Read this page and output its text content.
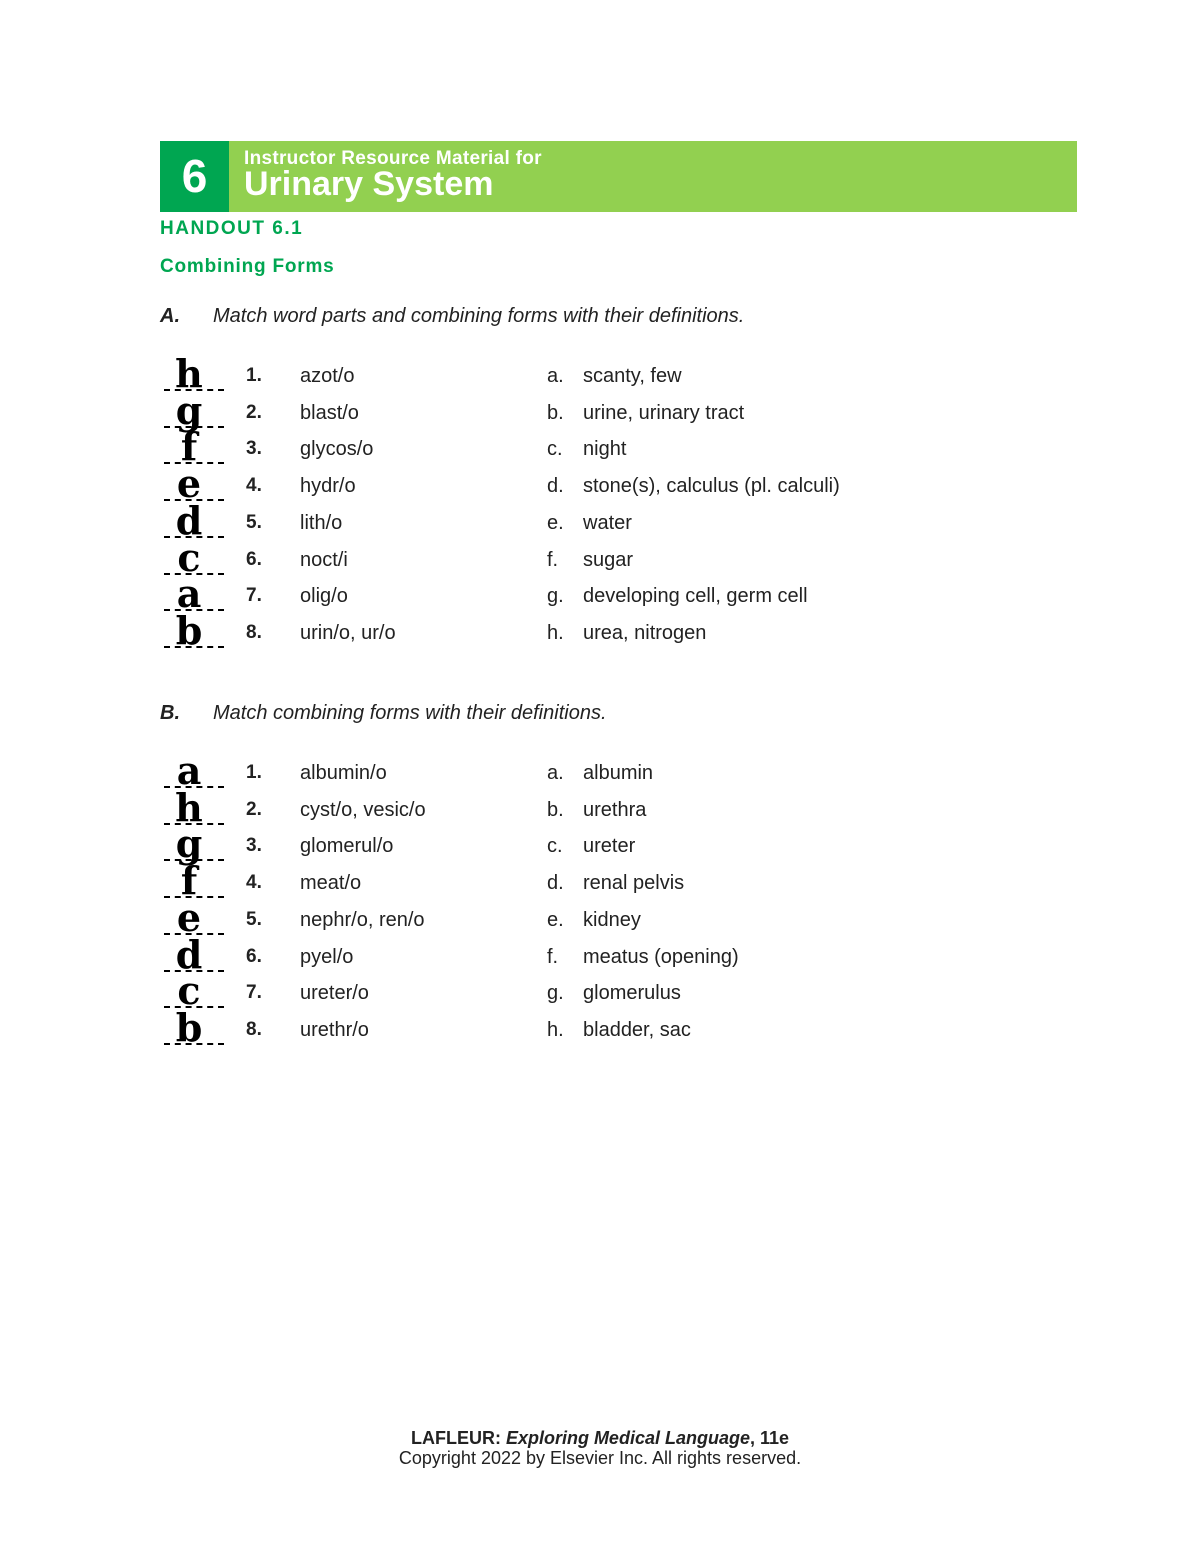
6	Instructor Resource Material for
Urinary System
HANDOUT 6.1
Combining Forms
A. Match word parts and combining forms with their definitions.
h	1. azot/o	a. scanty, few
g	2. blast/o	b. urine, urinary tract
f	3. glycos/o	c. night
e	4. hydr/o	d. stone(s), calculus (pl. calculi)
d	5. lith/o	e. water
c	6. noct/i	f. sugar
a	7. olig/o	g. developing cell, germ cell
b	8. urin/o, ur/o	h. urea, nitrogen
B. Match combining forms with their definitions.
a	1. albumin/o	a. albumin
h	2. cyst/o, vesic/o	b. urethra
g	3. glomerul/o	c. ureter
f	4. meat/o	d. renal pelvis
e	5. nephr/o, ren/o	e. kidney
d	6. pyel/o	f. meatus (opening)
c	7. ureter/o	g. glomerulus
b	8. urethr/o	h. bladder, sac
LAFLEUR: Exploring Medical Language, 11e
Copyright 2022 by Elsevier Inc. All rights reserved.
